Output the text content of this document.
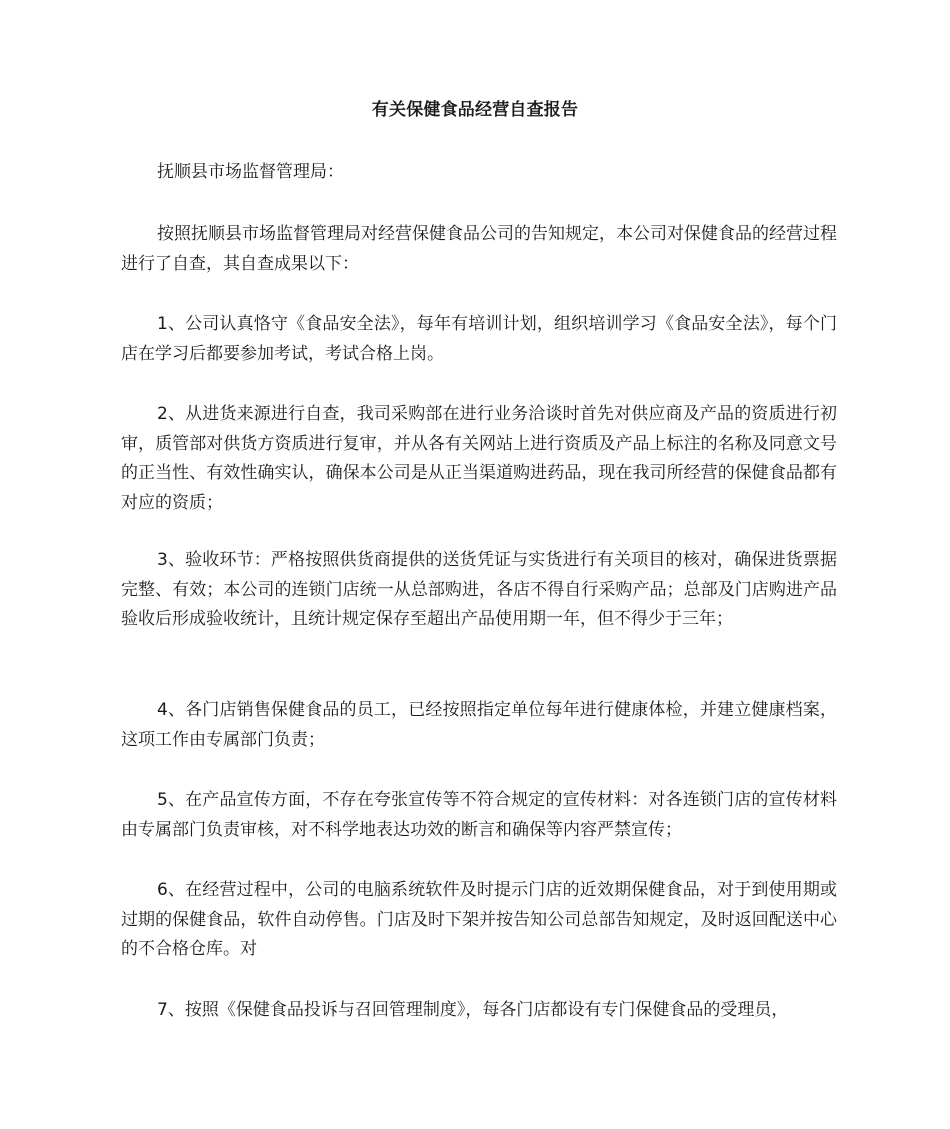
有关保健食品经营自查报告

抚顺县市场监督管理局：

按照抚顺县市场监督管理局对经营保健食品公司的告知规定，本公司对保健食品的经营过程进行了自查，其自查成果以下：

1、公司认真恪守《食品安全法》，每年有培训计划，组织培训学习《食品安全法》，每个门店在学习后都要参加考试，考试合格上岗。

2、从进货来源进行自查，我司采购部在进行业务洽谈时首先对供应商及产品的资质进行初审，质管部对供货方资质进行复审，并从各有关网站上进行资质及产品上标注的名称及同意文号的正当性、有效性确实认，确保本公司是从正当渠道购进药品，现在我司所经营的保健食品都有对应的资质；

3、验收环节：严格按照供货商提供的送货凭证与实货进行有关项目的核对，确保进货票据完整、有效；本公司的连锁门店统一从总部购进，各店不得自行采购产品；总部及门店购进产品验收后形成验收统计，且统计规定保存至超出产品使用期一年，但不得少于三年；

4、各门店销售保健食品的员工，已经按照指定单位每年进行健康体检，并建立健康档案，这项工作由专属部门负责；

5、在产品宣传方面，不存在夸张宣传等不符合规定的宣传材料：对各连锁门店的宣传材料由专属部门负责审核，对不科学地表达功效的断言和确保等内容严禁宣传；

6、在经营过程中，公司的电脑系统软件及时提示门店的近效期保健食品，对于到使用期或过期的保健食品，软件自动停售。门店及时下架并按告知公司总部告知规定，及时返回配送中心的不合格仓库。对

7、按照《保健食品投诉与召回管理制度》，每各门店都设有专门保健食品的受理员，
